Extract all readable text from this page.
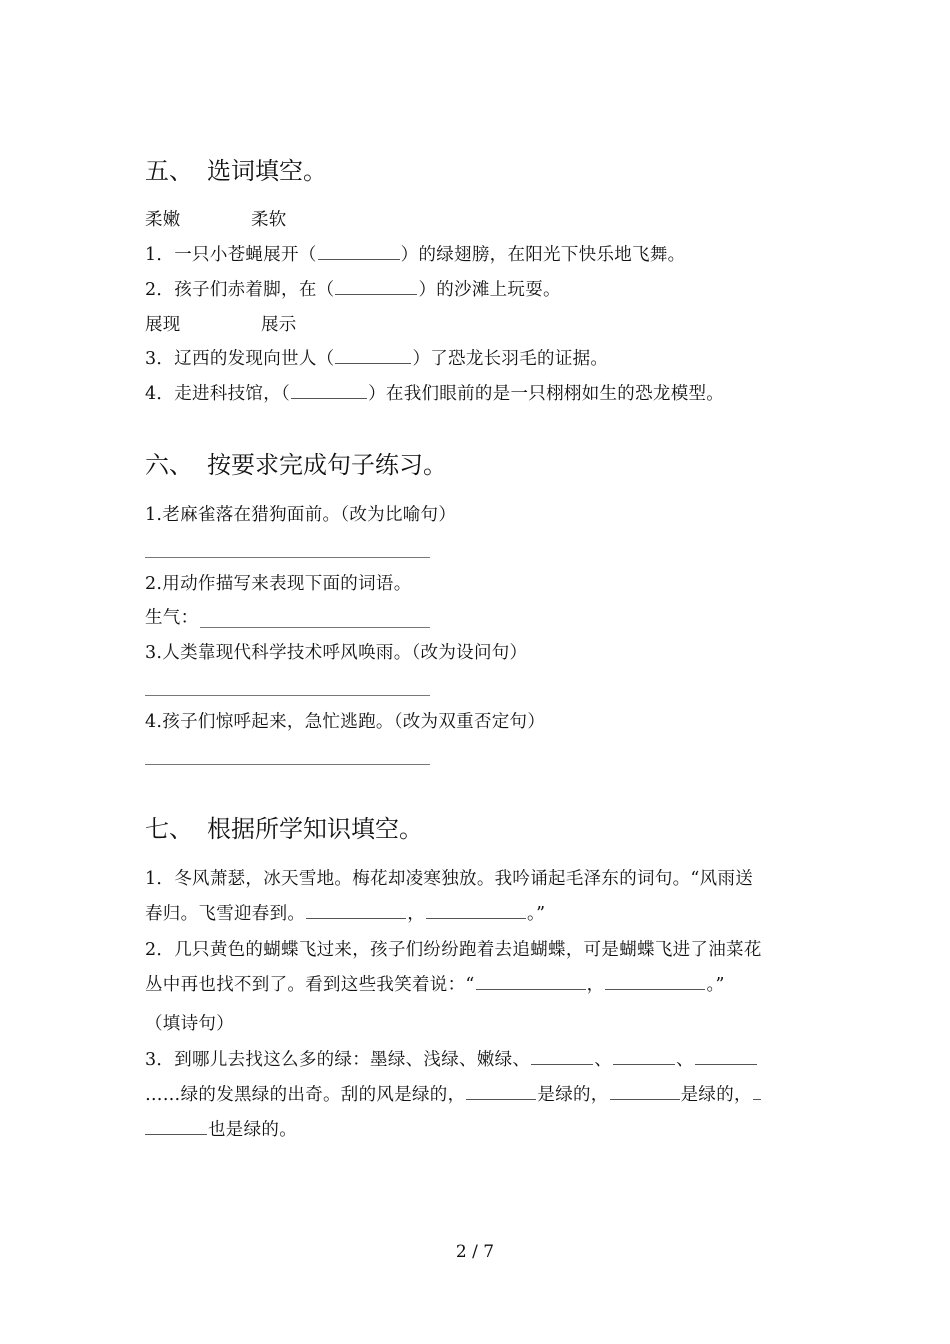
五、 选词填空。
柔嫩	柔软
1．一只小苍蝇展开（	）的绿翅膀，在阳光下快乐地飞舞。
2．孩子们赤着脚，在（	）的沙滩上玩耍。
展现	展示
3．辽西的发现向世人（	）了恐龙长羽毛的证据。
4．走进科技馆，（	）在我们眼前的是一只栩栩如生的恐龙模型。
六、 按要求完成句子练习。
1.老麻雀落在猎狗面前。（改为比喻句）
2.用动作描写来表现下面的词语。
生气：
3.人类靠现代科学技术呼风唤雨。（改为设问句）
4.孩子们惊呼起来，急忙逃跑。（改为双重否定句）
七、 根据所学知识填空。
1．冬风萧瑟，冰天雪地。梅花却凌寒独放。我吟诵起毛泽东的词句。“风雨送
春归。飞雪迎春到。	，	。”
2．几只黄色的蝴蝶飞过来，孩子们纷纷跑着去追蝴蝶，可是蝴蝶飞进了油菜花
丛中再也找不到了。看到这些我笑着说：“	，	。”
（填诗句）
3．到哪儿去找这么多的绿：墨绿、浅绿、嫩绿、	、	、
……绿的发黑绿的出奇。刮的风是绿的，	是绿的，	是绿的，
也是绿的。
2 / 7
